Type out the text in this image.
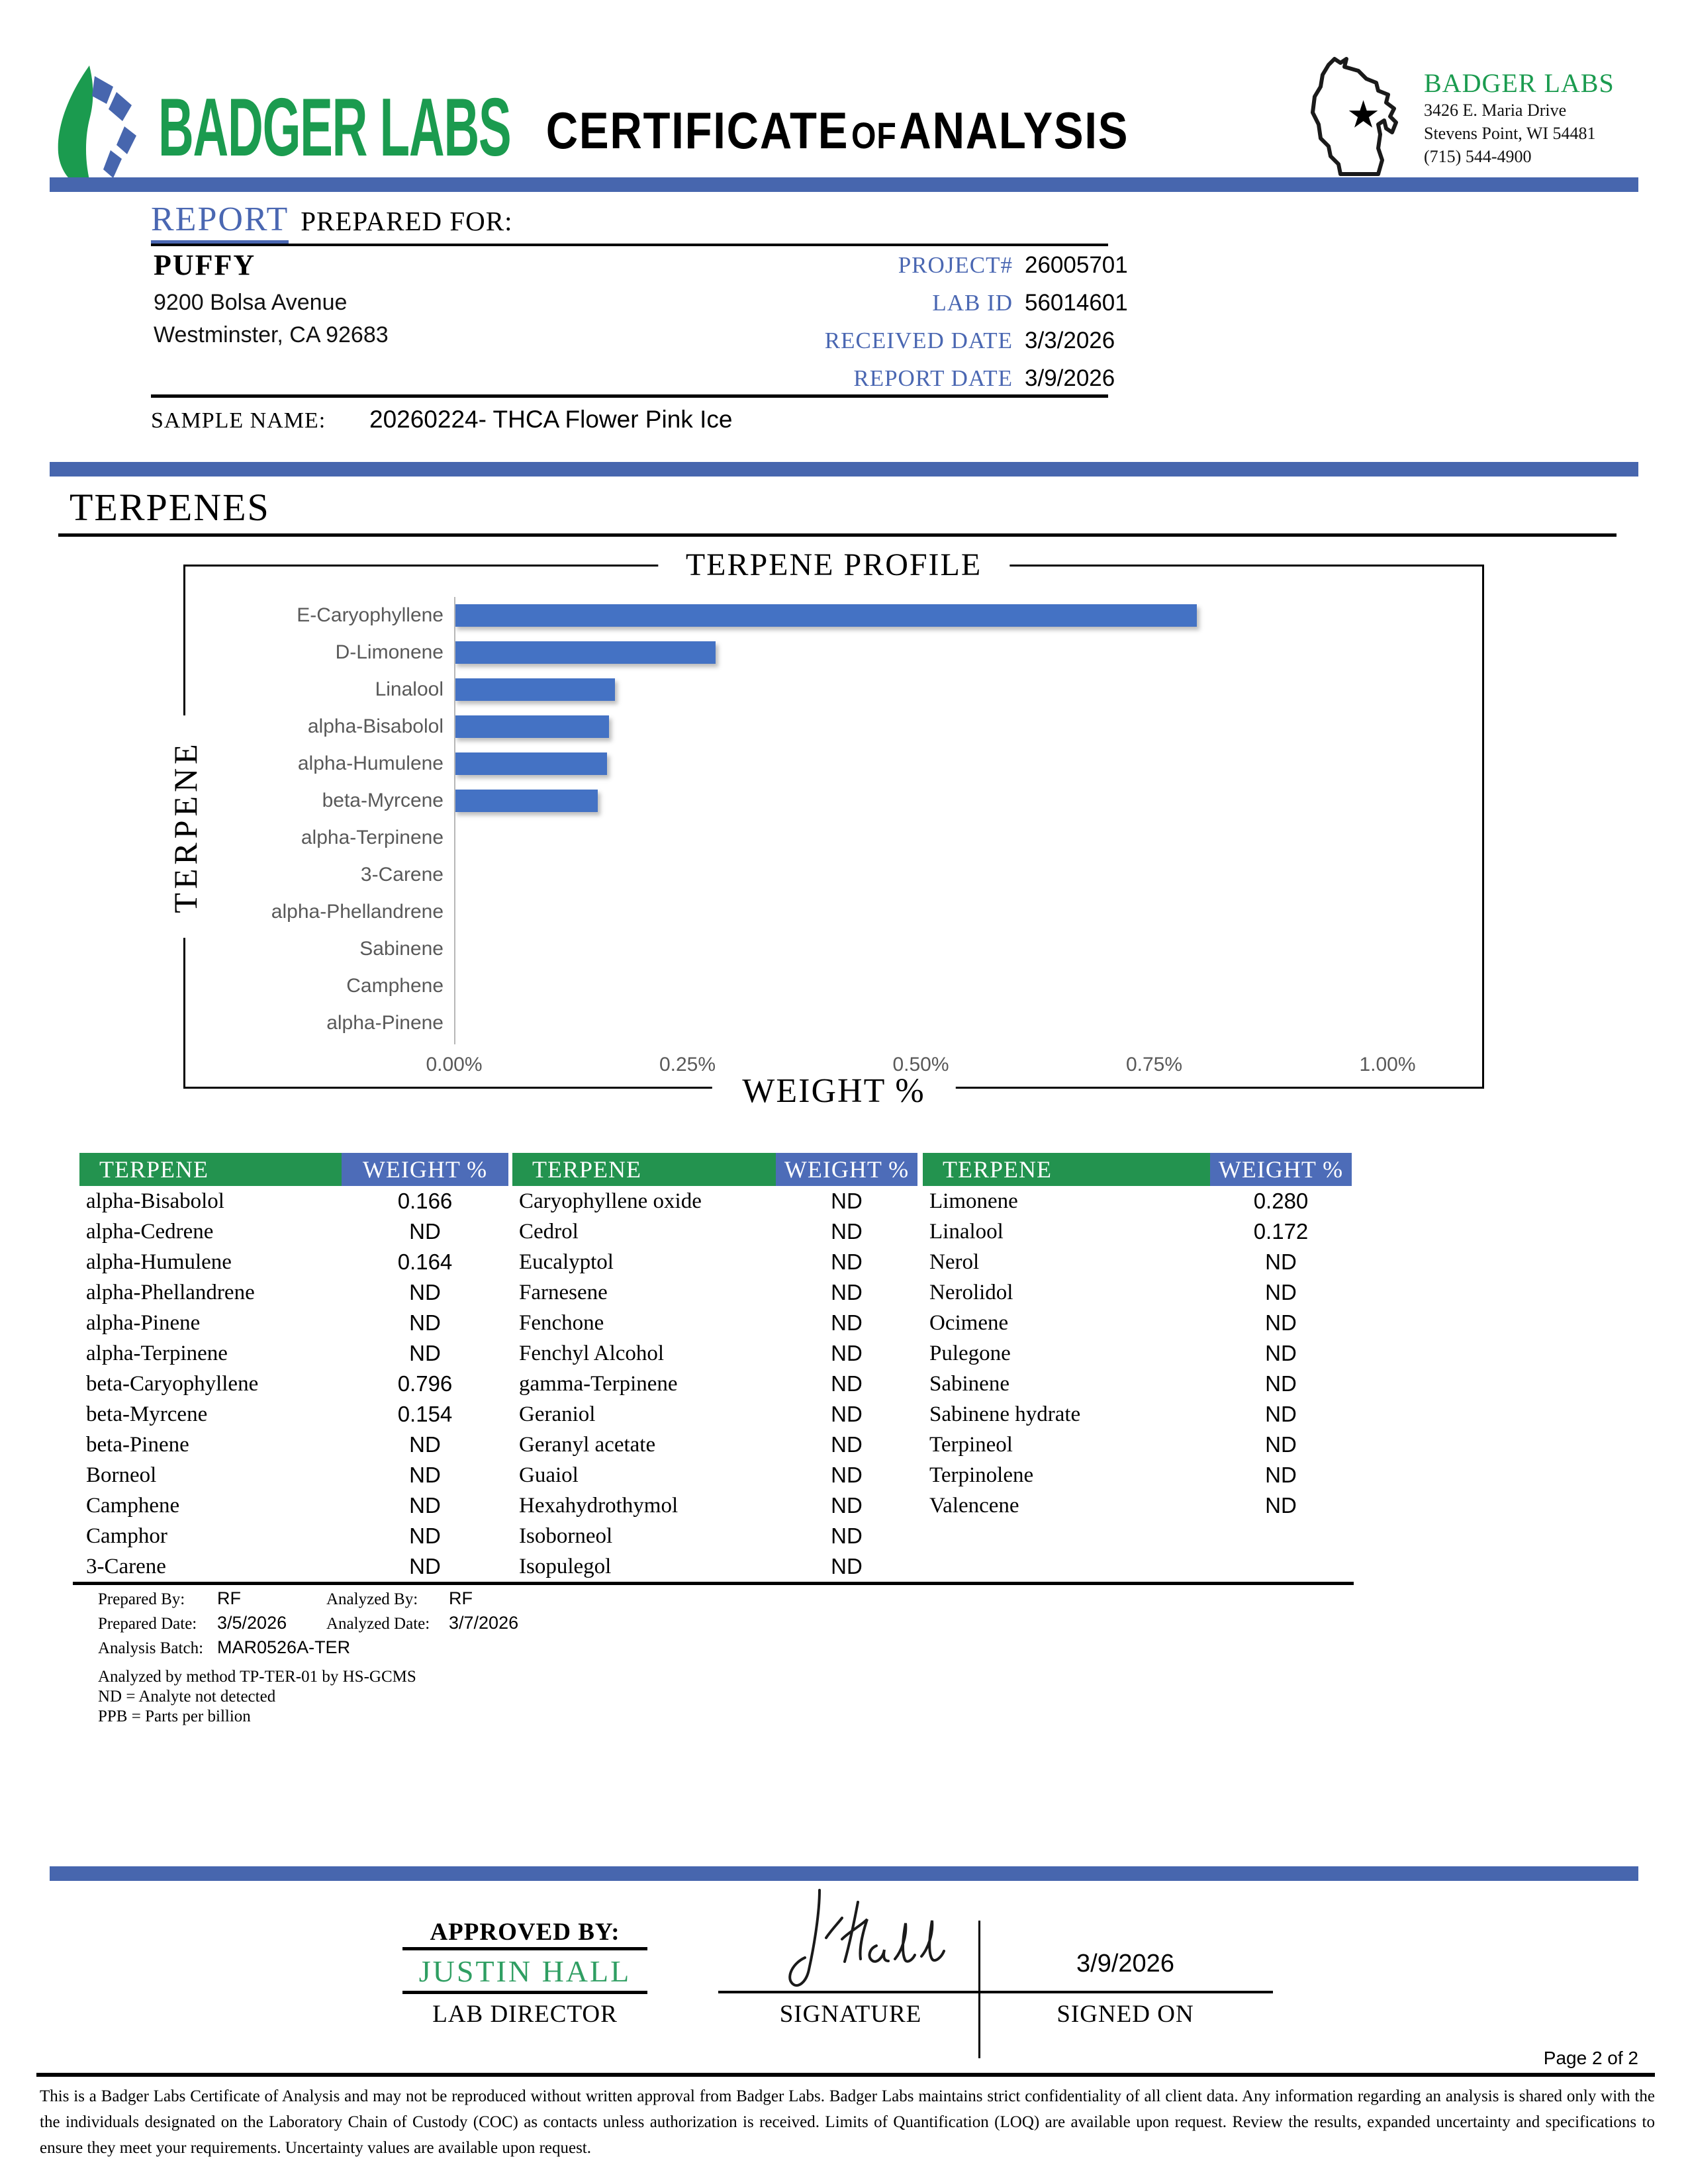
BADGER LABS CERTIFICATE OF ANALYSIS	★
BADGER LABS
3426 E. Maria Drive
Stevens Point, WI 54481
(715) 544-4900
REPORT PREPARED FOR:
PUFFY
9200 Bolsa Avenue
Westminster, CA 92683
PROJECT# 26005701
LAB ID 56014601
RECEIVED DATE 3/3/2026
REPORT DATE 3/9/2026
SAMPLE NAME: 20260224- THCA Flower Pink Ice
TERPENES
TERPENE PROFILE
TERPENE
WEIGHT %
E-Caryophyllene
D-Limonene
Linalool
alpha-Bisabolol
alpha-Humulene
beta-Myrcene
alpha-Terpinene
3-Carene
alpha-Phellandrene
Sabinene
Camphene
alpha-Pinene
0.00%	0.25%	0.50%	0.75%	1.00%
TERPENE	WEIGHT %
alpha-Bisabolol	0.166
alpha-Cedrene	ND
alpha-Humulene	0.164
alpha-Phellandrene	ND
alpha-Pinene	ND
alpha-Terpinene	ND
beta-Caryophyllene	0.796
beta-Myrcene	0.154
beta-Pinene	ND
Borneol	ND
Camphene	ND
Camphor	ND
3-Carene	ND
TERPENE	WEIGHT %
Caryophyllene oxide	ND
Cedrol	ND
Eucalyptol	ND
Farnesene	ND
Fenchone	ND
Fenchyl Alcohol	ND
gamma-Terpinene	ND
Geraniol	ND
Geranyl acetate	ND
Guaiol	ND
Hexahydrothymol	ND
Isoborneol	ND
Isopulegol	ND
TERPENE	WEIGHT %
Limonene	0.280
Linalool	0.172
Nerol	ND
Nerolidol	ND
Ocimene	ND
Pulegone	ND
Sabinene	ND
Sabinene hydrate	ND
Terpineol	ND
Terpinolene	ND
Valencene	ND
Prepared By:	RF	Analyzed By:	RF
Prepared Date:	3/5/2026	Analyzed Date:	3/7/2026
Analysis Batch: MAR0526A-TER
Analyzed by method TP-TER-01 by HS-GCMS
ND = Analyte not detected
PPB = Parts per billion
APPROVED BY:
JUSTIN HALL
LAB DIRECTOR	SIGNATURE
3/9/2026
SIGNED ON
Page 2 of 2
This is a Badger Labs Certificate of Analysis and may not be reproduced without written approval from Badger Labs. Badger Labs maintains strict confidentiality of all client data. Any information regarding an analysis is shared only with the the individuals designated on the Laboratory Chain of Custody (COC) as contacts unless authorization is received. Limits of Quantification (LOQ) are available upon request. Review the results, expanded uncertainty and specifications to ensure they meet your requirements. Uncertainty values are available upon request.
